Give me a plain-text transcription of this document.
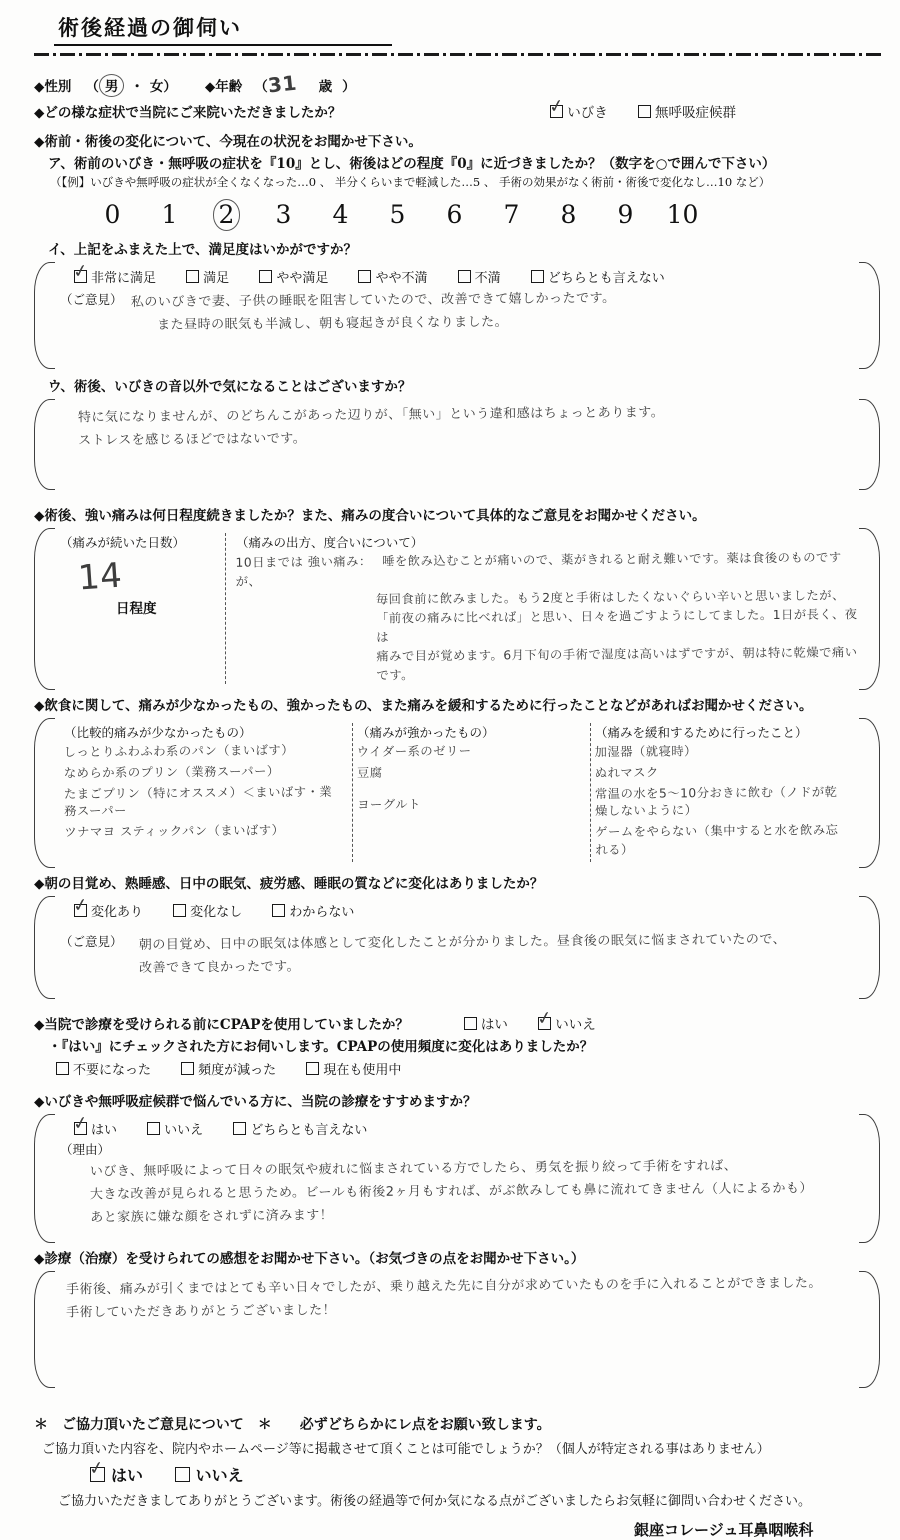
術後経過の御伺い
◆性別 （ 男 ・ 女 ） ◆年齢 （
31 歳 ）
◆どの様な症状で当院にご来院いただきましたか？ ✓	いびき	無呼吸症候群
◆術前・術後の変化について、今現在の状況をお聞かせ下さい。
ア、術前のいびき・無呼吸の症状を『10』とし、術後はどの程度『0』に近づきましたか？（数字を○で囲んで下さい）
（【例】いびきや無呼吸の症状が全くなくなった…0 、 半分くらいまで軽減した…5 、 手術の効果がなく術前・術後で変化なし…10 など）
0	1	2	3	4	5	6	7	8	9	10
イ、上記をふまえた上で、満足度はいかがですか？
✓非常に満足	満足	やや満足	やや不満	不満	どちらとも言えない
（ご意見） 私のいびきで妻、子供の睡眠を阻害していたので、改善できて嬉しかったです。
また昼時の眠気も半減し、朝も寝起きが良くなりました。
ウ、術後、いびきの音以外で気になることはございますか？
特に気になりませんが、のどちんこがあった辺りが、「無い」という違和感はちょっとあります。
ストレスを感じるほどではないです。
◆術後、強い痛みは何日程度続きましたか？また、痛みの度合いについて具体的なご意見をお聞かせください。
（痛みが続いた日数）
14
日程度
（痛みの出方、度合いについて）
10日までは 強い痛み： 唾を飲み込むことが痛いので、薬がきれると耐え難いです。薬は食後のものですが、
毎回食前に飲みました。もう2度と手術はしたくないぐらい辛いと思いましたが、
「前夜の痛みに比べれば」と思い、日々を過ごすようにしてました。1日が長く、夜は
痛みで目が覚めます。6月下旬の手術で湿度は高いはずですが、朝は特に乾燥で痛いです。
◆飲食に関して、痛みが少なかったもの、強かったもの、また痛みを緩和するために行ったことなどがあればお聞かせください。
（比較的痛みが少なかったもの）
しっとりふわふわ系のパン（まいばす）
なめらか系のプリン（業務スーパー）
たまごプリン（特にオススメ）＜まいばす・業務スーパー
ツナマヨ スティックパン（まいばす）
（痛みが強かったもの）
ウイダー系のゼリー
豆腐
ヨーグルト
（痛みを緩和するために行ったこと）
加湿器（就寝時）
ぬれマスク
常温の水を5～10分おきに飲む（ノドが乾燥しないように）
ゲームをやらない（集中すると水を飲み忘れる）
◆朝の目覚め、熟睡感、日中の眠気、疲労感、睡眠の質などに変化はありましたか？
✓変化あり	変化なし	わからない
（ご意見） 朝の目覚め、日中の眠気は体感として変化したことが分かりました。昼食後の眠気に悩まされていたので、
改善できて良かったです。
◆当院で診療を受けられる前にCPAPを使用していましたか？	はい ✓	いいえ
・『はい』にチェックされた方にお伺いします。CPAPの使用頻度に変化はありましたか？
不要になった	頻度が減った	現在も使用中
◆いびきや無呼吸症候群で悩んでいる方に、当院の診療をすすめますか？
✓はい	いいえ	どちらとも言えない
（理由）
いびき、無呼吸によって日々の眠気や疲れに悩まされている方でしたら、勇気を振り絞って手術をすれば、
大きな改善が見られると思うため。ビールも術後2ヶ月もすれば、がぶ飲みしても鼻に流れてきません（人によるかも）
あと家族に嫌な顔をされずに済みます！
◆診療（治療）を受けられての感想をお聞かせ下さい。（お気づきの点をお聞かせ下さい。）
手術後、痛みが引くまではとても辛い日々でしたが、乗り越えた先に自分が求めていたものを手に入れることができました。
手術していただきありがとうございました！
＊　ご協力頂いたご意見について　＊　　必ずどちらかにレ点をお願い致します。
ご協力頂いた内容を、院内やホームページ等に掲載させて頂くことは可能でしょうか？（個人が特定される事はありません）
✓はい	いいえ
ご協力いただきましてありがとうございます。術後の経過等で何か気になる点がございましたらお気軽に御問い合わせください。
銀座コレージュ耳鼻咽喉科
